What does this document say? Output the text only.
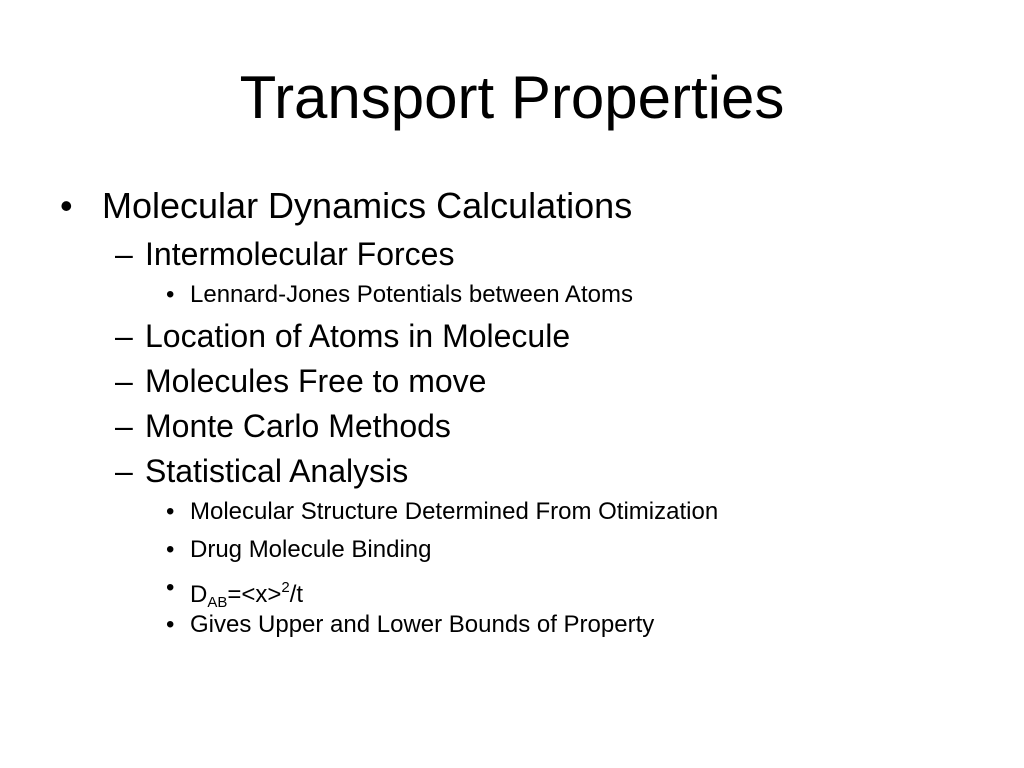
Transport Properties
• Molecular Dynamics Calculations
– Intermolecular Forces
• Lennard-Jones Potentials between Atoms
– Location of Atoms in Molecule
– Molecules Free to move
– Monte Carlo Methods
– Statistical Analysis
• Molecular Structure Determined From Otimization
• Drug Molecule Binding
• $D_{AB}=<x>^2/t$
• Gives Upper and Lower Bounds of Property
